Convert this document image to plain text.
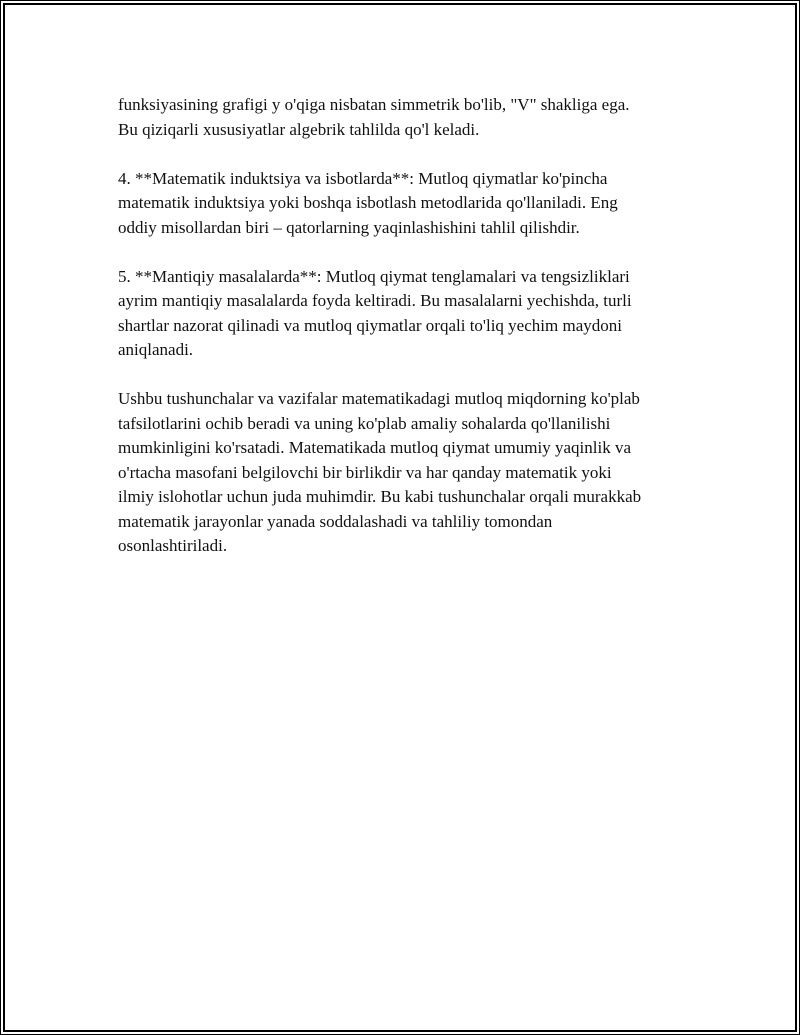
funksiyasining grafigi y o'qiga nisbatan simmetrik bo'lib, "V" shakliga ega.
Bu qiziqarli xususiyatlar algebrik tahlilda qo'l keladi.

4. **Matematik induktsiya va isbotlarda**: Mutloq qiymatlar ko'pincha
matematik induktsiya yoki boshqa isbotlash metodlarida qo'llaniladi. Eng
oddiy misollardan biri – qatorlarning yaqinlashishini tahlil qilishdir.

5. **Mantiqiy masalalarda**: Mutloq qiymat tenglamalari va tengsizliklari
ayrim mantiqiy masalalarda foyda keltiradi. Bu masalalarni yechishda, turli
shartlar nazorat qilinadi va mutloq qiymatlar orqali to'liq yechim maydoni
aniqlanadi.

Ushbu tushunchalar va vazifalar matematikadagi mutloq miqdorning ko'plab
tafsilotlarini ochib beradi va uning ko'plab amaliy sohalarda qo'llanilishi
mumkinligini ko'rsatadi. Matematikada mutloq qiymat umumiy yaqinlik va
o'rtacha masofani belgilovchi bir birlikdir va har qanday matematik yoki
ilmiy islohotlar uchun juda muhimdir. Bu kabi tushunchalar orqali murakkab
matematik jarayonlar yanada soddalashadi va tahliliy tomondan
osonlashtiriladi.
